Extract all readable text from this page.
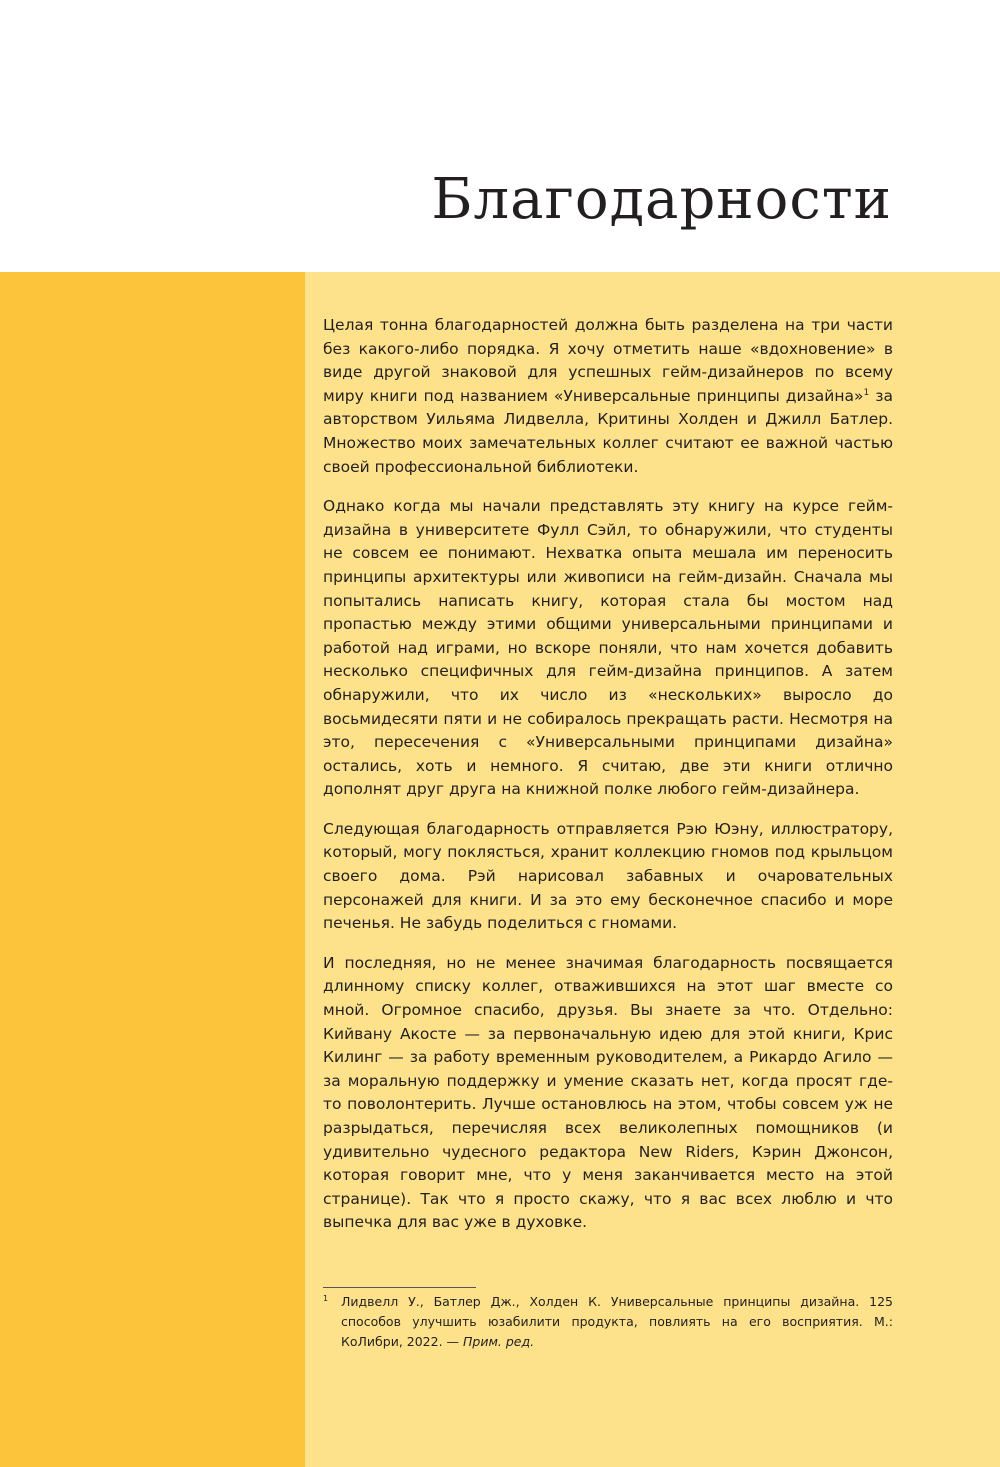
Благодарности

Целая тонна благодарностей должна быть разделена на три части без какого-либо порядка. Я хочу отметить наше «вдохновение» в виде другой знаковой для успешных гейм-дизайнеров по всему миру книги под названием «Универсальные принципы дизайна»$^1$ за авторством Уильяма Лидвелла, Критины Холден и Джилл Батлер. Множество моих замечательных коллег считают ее важной частью своей профессиональной библиотеки.

Однако когда мы начали представлять эту книгу на курсе гейм-дизайна в университете Фулл Сэйл, то обнаружили, что студенты не совсем ее понимают. Нехватка опыта мешала им переносить принципы архитектуры или живописи на гейм-дизайн. Сначала мы попытались написать книгу, которая стала бы мостом над пропастью между этими общими универсальными принципами и работой над играми, но вскоре поняли, что нам хочется добавить несколько специфичных для гейм-дизайна принципов. А затем обнаружили, что их число из «нескольких» выросло до восьмидесяти пяти и не собиралось прекращать расти. Несмотря на это, пересечения с «Универсальными принципами дизайна» остались, хоть и немного. Я считаю, две эти книги отлично дополнят друг друга на книжной полке любого гейм-дизайнера.

Следующая благодарность отправляется Рэю Юэну, иллюстратору, который, могу поклясться, хранит коллекцию гномов под крыльцом своего дома. Рэй нарисовал забавных и очаровательных персонажей для книги. И за это ему бесконечное спасибо и море печенья. Не забудь поделиться с гномами.

И последняя, но не менее значимая благодарность посвящается длинному списку коллег, отважившихся на этот шаг вместе со мной. Огромное спасибо, друзья. Вы знаете за что. Отдельно: Кийвану Акосте — за первоначальную идею для этой книги, Крис Килинг — за работу временным руководителем, а Рикардо Агило — за моральную поддержку и умение сказать нет, когда просят где-то поволонтерить. Лучше остановлюсь на этом, чтобы совсем уж не разрыдаться, перечисляя всех великолепных помощников (и удивительно чудесного редактора New Riders, Кэрин Джонсон, которая говорит мне, что у меня заканчивается место на этой странице). Так что я просто скажу, что я вас всех люблю и что выпечка для вас уже в духовке.

1 Лидвелл У., Батлер Дж., Холден К. Универсальные принципы дизайна. 125 способов улучшить юзабилити продукта, повлиять на его восприятия. М.: КоЛибри, 2022. — Прим. ред.
